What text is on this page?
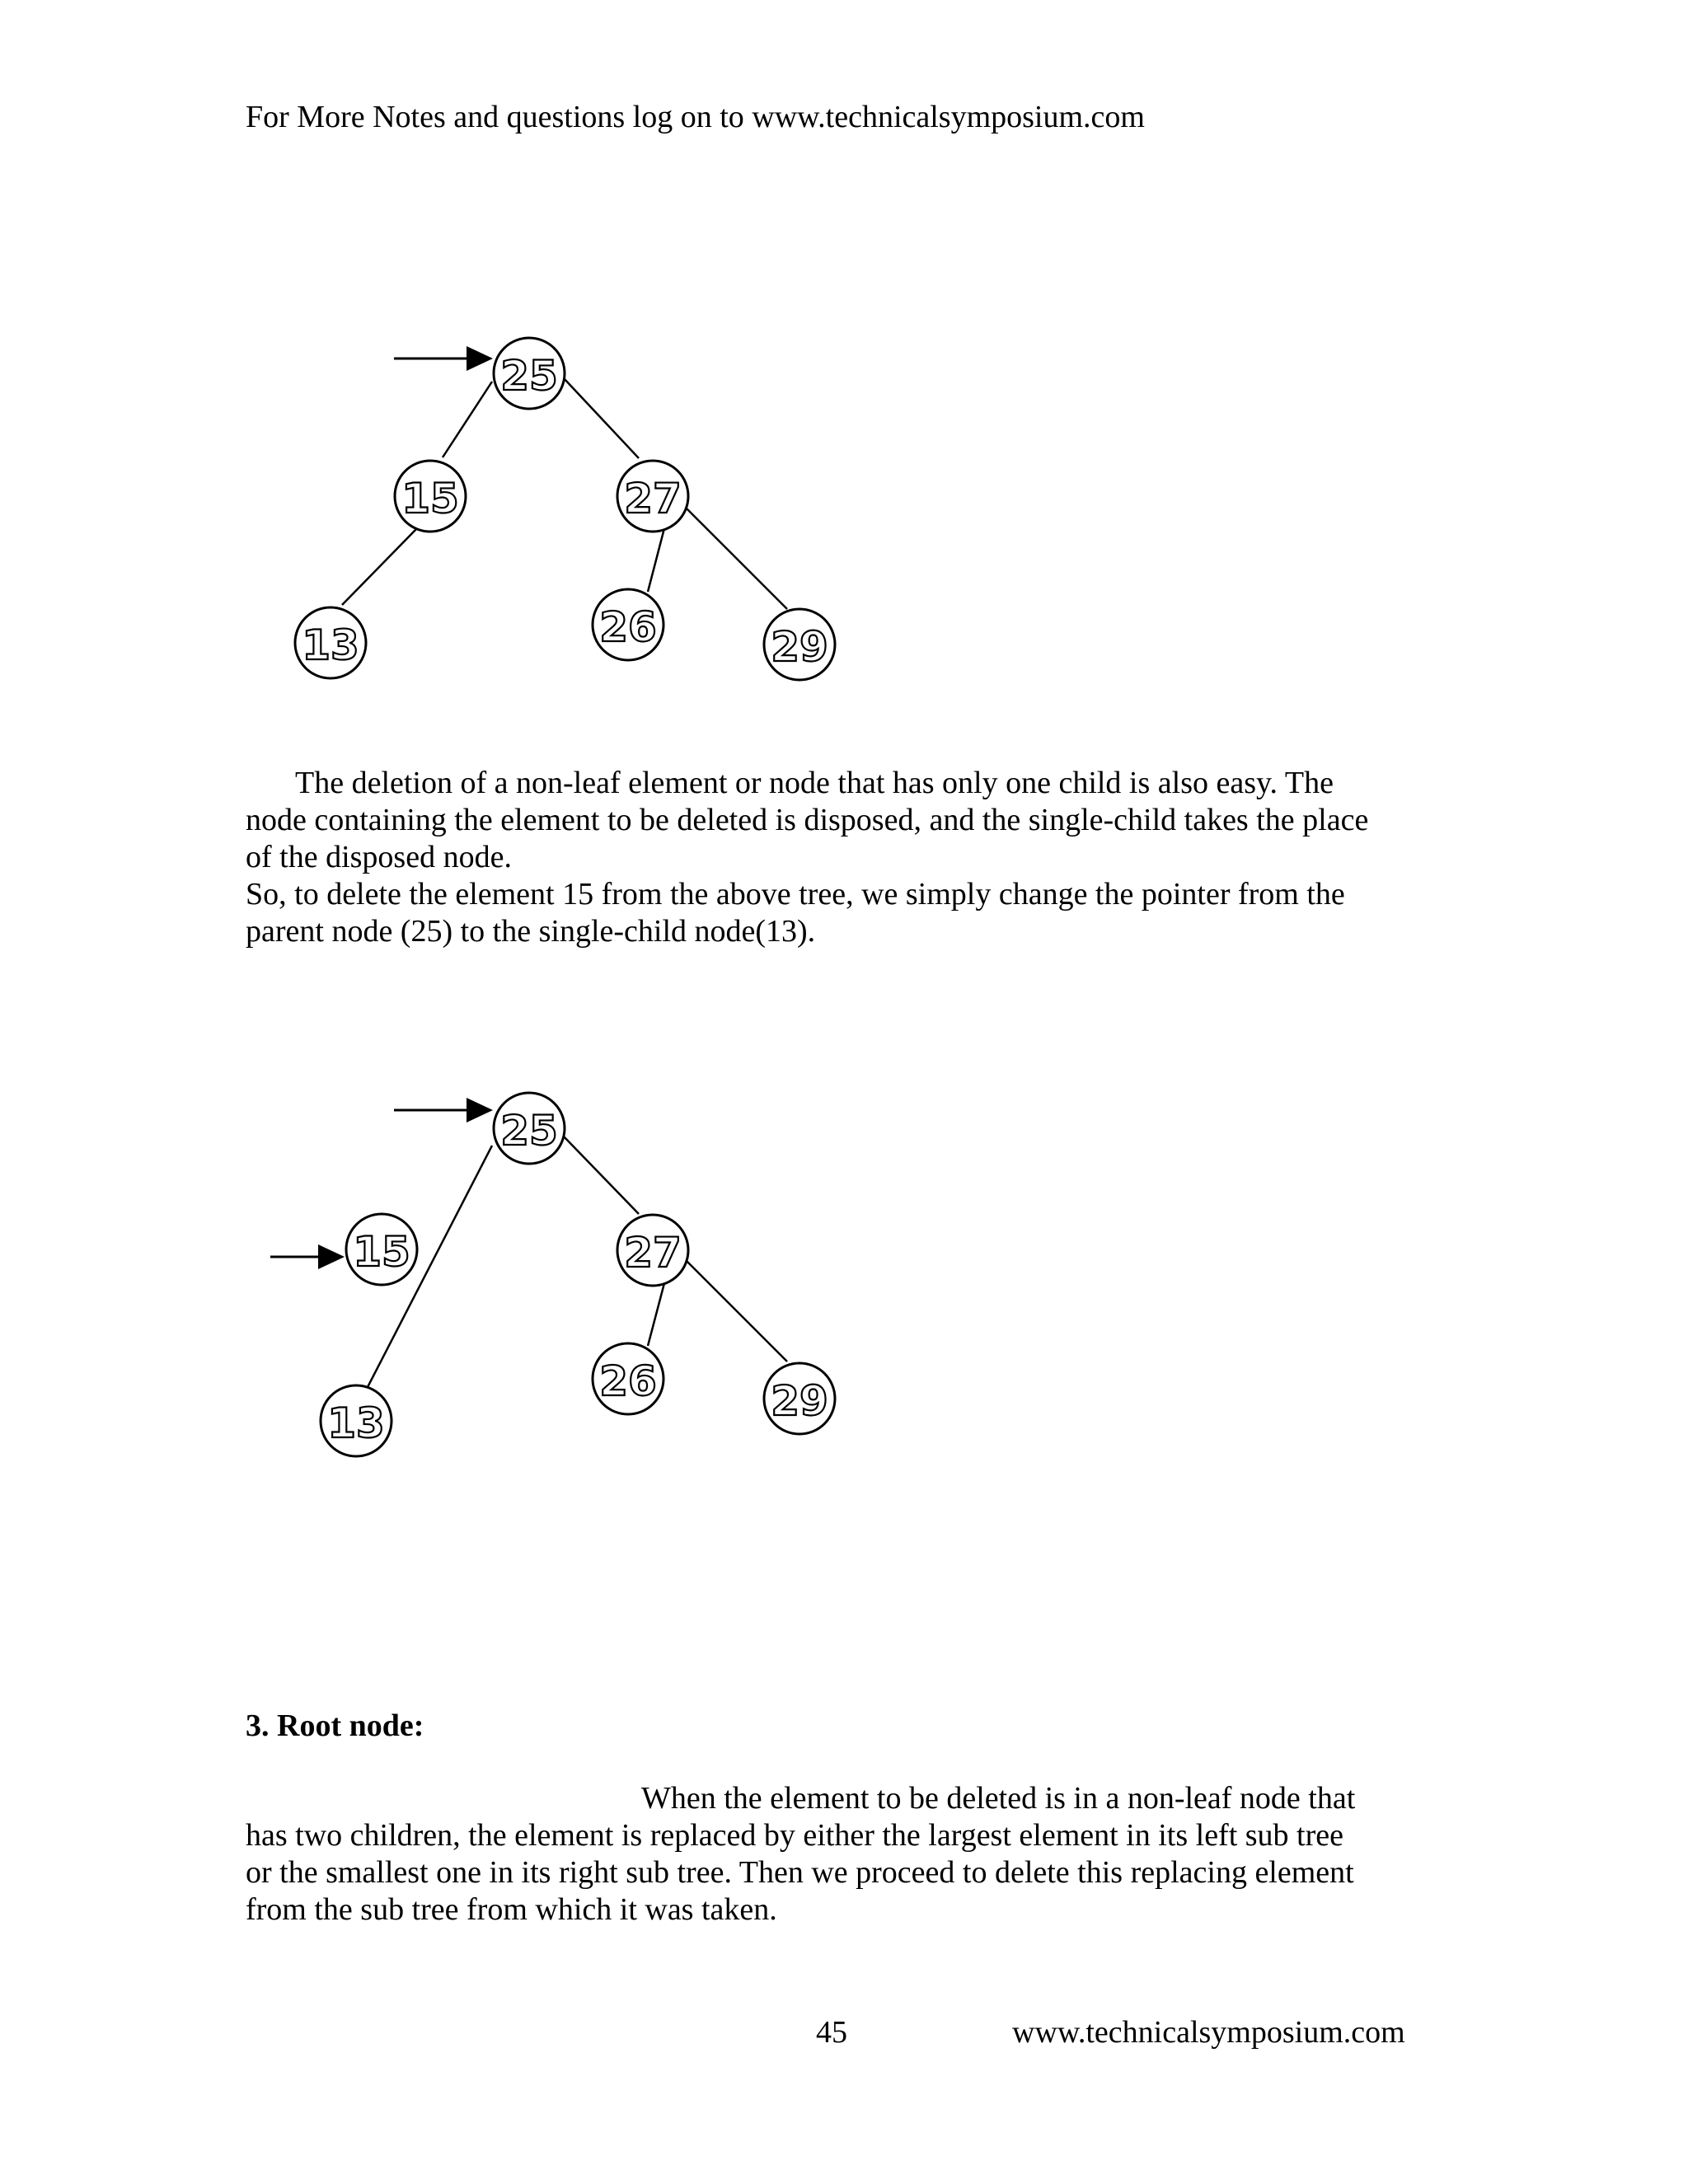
For More Notes and questions log on to www.technicalsymposium.com
25
15	27
13	26	29
25
15	27
13
26	29
The deletion of a non-leaf element or node that has only one child is also easy. The
node containing the element to be deleted is disposed, and the single-child takes the place
of the disposed node.
So, to delete the element 15 from the above tree, we simply change the pointer from the
parent node (25) to the single-child node(13).
3. Root node:
When the element to be deleted is in a non-leaf node that
has two children, the element is replaced by either the largest element in its left sub tree
or the smallest one in its right sub tree. Then we proceed to delete this replacing element
from the sub tree from which it was taken.
45	www.technicalsymposium.com
